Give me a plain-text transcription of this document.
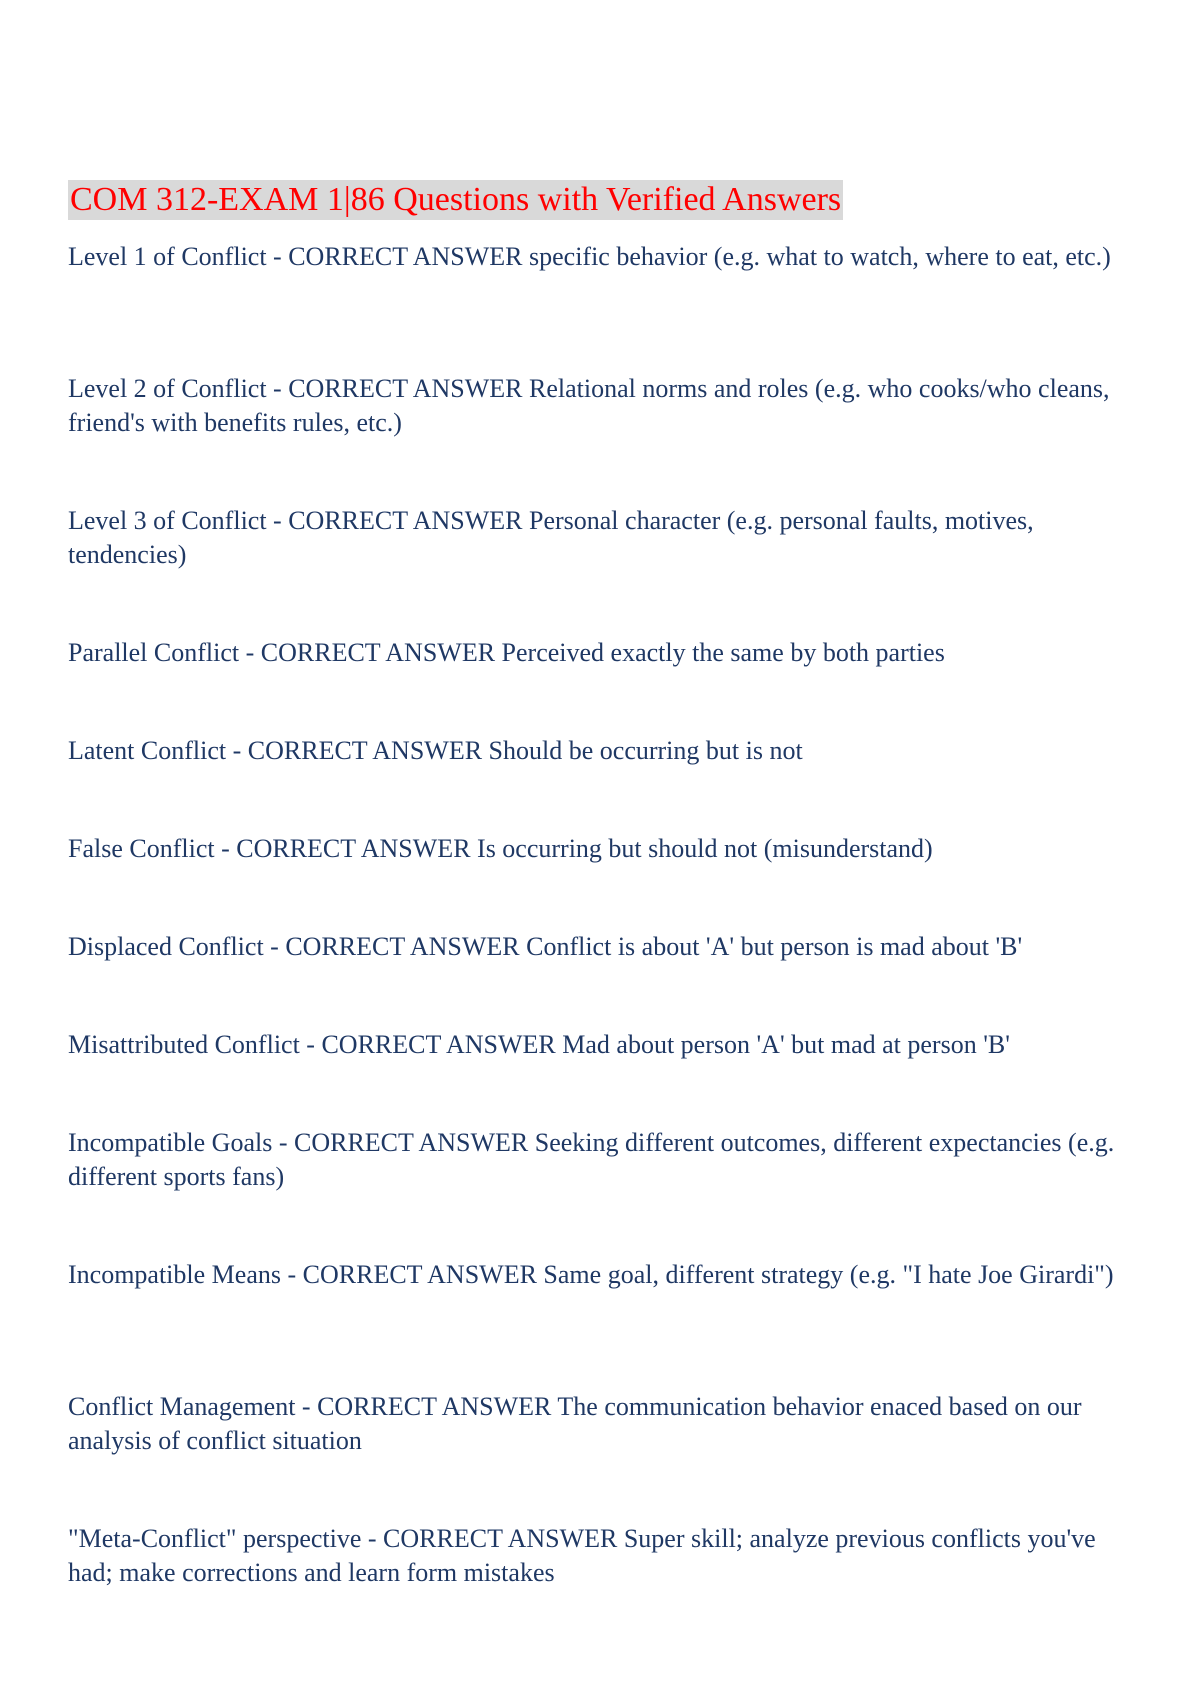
COM 312-EXAM 1|86 Questions with Verified Answers

Level 1 of Conflict - CORRECT ANSWER specific behavior (e.g. what to watch, where to eat, etc.)

Level 2 of Conflict - CORRECT ANSWER Relational norms and roles (e.g. who cooks/who cleans, friend's with benefits rules, etc.)

Level 3 of Conflict - CORRECT ANSWER Personal character (e.g. personal faults, motives, tendencies)

Parallel Conflict - CORRECT ANSWER Perceived exactly the same by both parties

Latent Conflict - CORRECT ANSWER Should be occurring but is not

False Conflict - CORRECT ANSWER Is occurring but should not (misunderstand)

Displaced Conflict - CORRECT ANSWER Conflict is about 'A' but person is mad about 'B'

Misattributed Conflict - CORRECT ANSWER Mad about person 'A' but mad at person 'B'

Incompatible Goals - CORRECT ANSWER Seeking different outcomes, different expectancies (e.g. different sports fans)

Incompatible Means - CORRECT ANSWER Same goal, different strategy (e.g. "I hate Joe Girardi")

Conflict Management - CORRECT ANSWER The communication behavior enaced based on our analysis of conflict situation

"Meta-Conflict" perspective - CORRECT ANSWER Super skill; analyze previous conflicts you've had; make corrections and learn form mistakes
